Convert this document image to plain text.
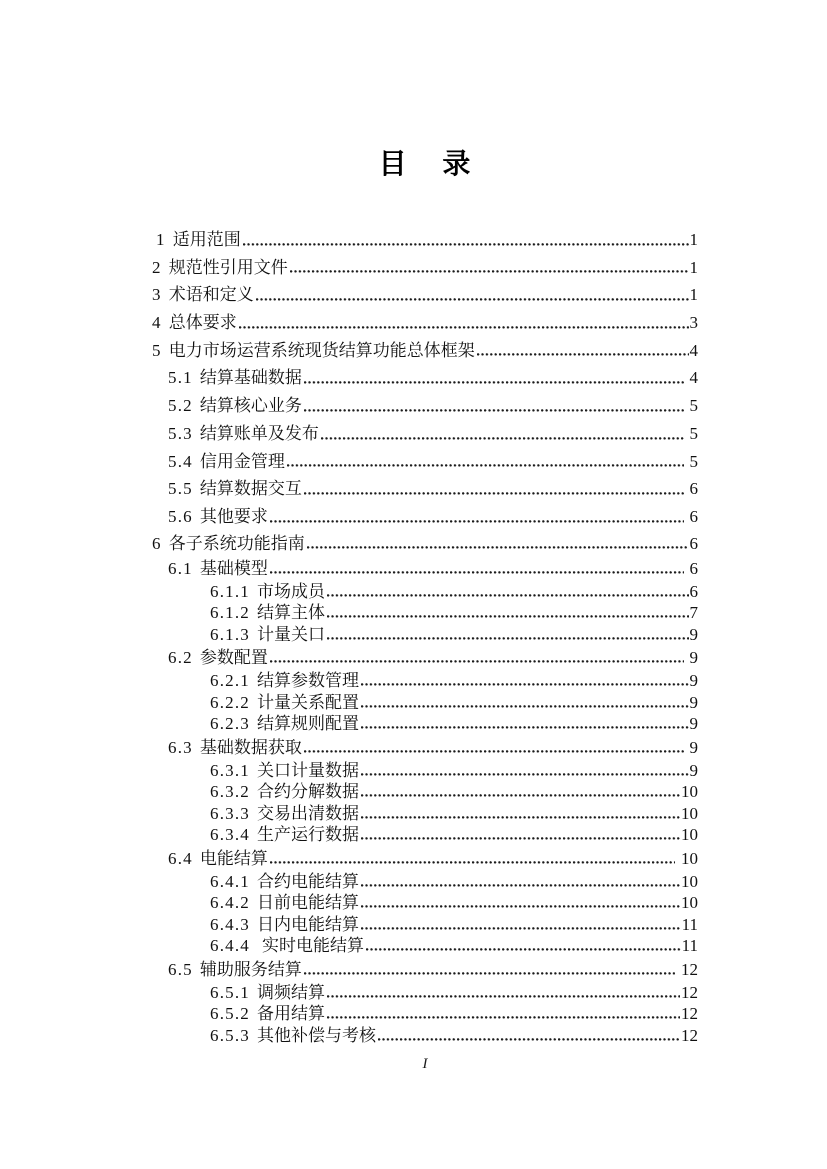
目 录
1 适用范围	1
2 规范性引用文件	1
3 术语和定义	1
4 总体要求	3
5 电力市场运营系统现货结算功能总体框架	4
5.1 结算基础数据	4
5.2 结算核心业务	5
5.3 结算账单及发布	5
5.4 信用金管理	5
5.5 结算数据交互	6
5.6 其他要求	6
6 各子系统功能指南	6
6.1 基础模型	6
6.1.1 市场成员	6
6.1.2 结算主体	7
6.1.3 计量关口	9
6.2 参数配置	9
6.2.1 结算参数管理	9
6.2.2 计量关系配置	9
6.2.3 结算规则配置	9
6.3 基础数据获取	9
6.3.1 关口计量数据	9
6.3.2 合约分解数据	10
6.3.3 交易出清数据	10
6.3.4 生产运行数据	10
6.4 电能结算	10
6.4.1 合约电能结算	10
6.4.2 日前电能结算	10
6.4.3 日内电能结算	11
6.4.4 实时电能结算	11
6.5 辅助服务结算	12
6.5.1 调频结算	12
6.5.2 备用结算	12
6.5.3 其他补偿与考核	12
I
